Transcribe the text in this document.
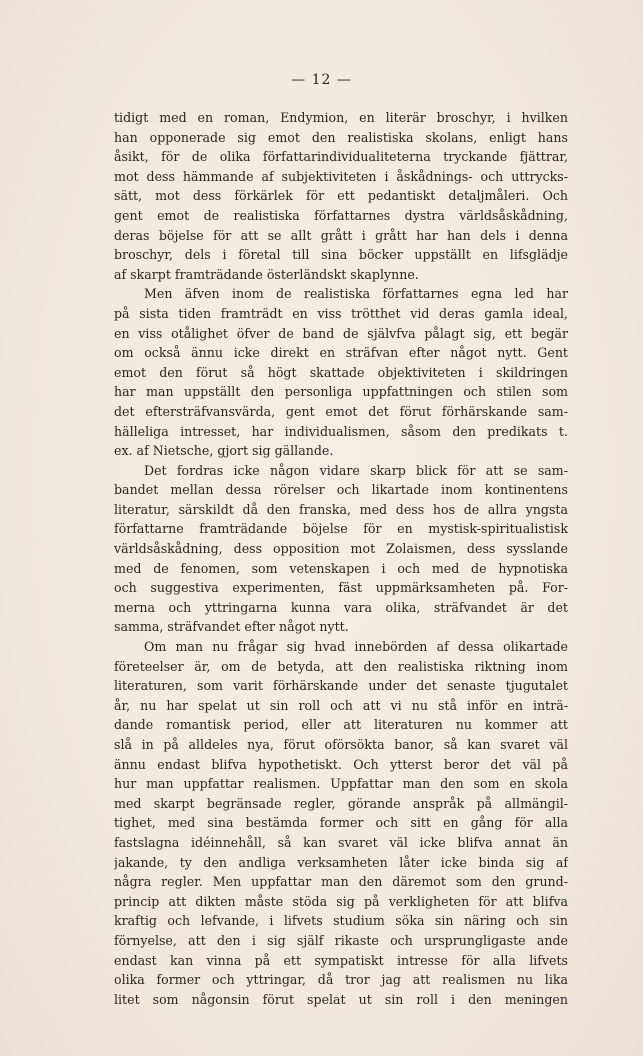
— 12 —
tidigt med en roman, Endymion, en literär broschyr, i hvilken
han opponerade sig emot den realistiska skolans, enligt hans
åsikt, för de olika författarindividualiteterna tryckande fjättrar,
mot dess hämmande af subjektiviteten i åskådnings- och uttrycks-
sätt, mot dess förkärlek för ett pedantiskt detaljmåleri. Och
gent emot de realistiska författarnes dystra världsåskådning,
deras böjelse för att se allt grått i grått har han dels i denna
broschyr, dels i företal till sina böcker uppställt en lifsglädje
af skarpt framträdande österländskt skaplynne.
Men äfven inom de realistiska författarnes egna led har
på sista tiden framträdt en viss trötthet vid deras gamla ideal,
en viss otålighet öfver de band de självfva pålagt sig, ett begär
om också ännu icke direkt en sträfvan efter något nytt. Gent
emot den förut så högt skattade objektiviteten i skildringen
har man uppställt den personliga uppfattningen och stilen som
det eftersträfvansvärda, gent emot det förut förhärskande sam-
hälleliga intresset, har individualismen, såsom den predikats t.
ex. af Nietsche, gjort sig gällande.
Det fordras icke någon vidare skarp blick för att se sam-
bandet mellan dessa rörelser och likartade inom kontinentens
literatur, särskildt då den franska, med dess hos de allra yngsta
författarne framträdande böjelse för en mystisk-spiritualistisk
världsåskådning, dess opposition mot Zolaismen, dess sysslande
med de fenomen, som vetenskapen i och med de hypnotiska
och suggestiva experimenten, fäst uppmärksamheten på. For-
merna och yttringarna kunna vara olika, sträfvandet är det
samma, sträfvandet efter något nytt.
Om man nu frågar sig hvad innebörden af dessa olikartade
företeelser är, om de betyda, att den realistiska riktning inom
literaturen, som varit förhärskande under det senaste tjugutalet
år, nu har spelat ut sin roll och att vi nu stå inför en inträ-
dande romantisk period, eller att literaturen nu kommer att
slå in på alldeles nya, förut oförsökta banor, så kan svaret väl
ännu endast blifva hypothetiskt. Och ytterst beror det väl på
hur man uppfattar realismen. Uppfattar man den som en skola
med skarpt begränsade regler, görande anspråk på allmängil-
tighet, med sina bestämda former och sitt en gång för alla
fastslagna idéinnehåll, så kan svaret väl icke blifva annat än
jakande, ty den andliga verksamheten låter icke binda sig af
några regler. Men uppfattar man den däremot som den grund-
princip att dikten måste stöda sig på verkligheten för att blifva
kraftig och lefvande, i lifvets studium söka sin näring och sin
förnyelse, att den i sig själf rikaste och ursprungligaste ande
endast kan vinna på ett sympatiskt intresse för alla lifvets
olika former och yttringar, då tror jag att realismen nu lika
litet som någonsin förut spelat ut sin roll i den meningen
